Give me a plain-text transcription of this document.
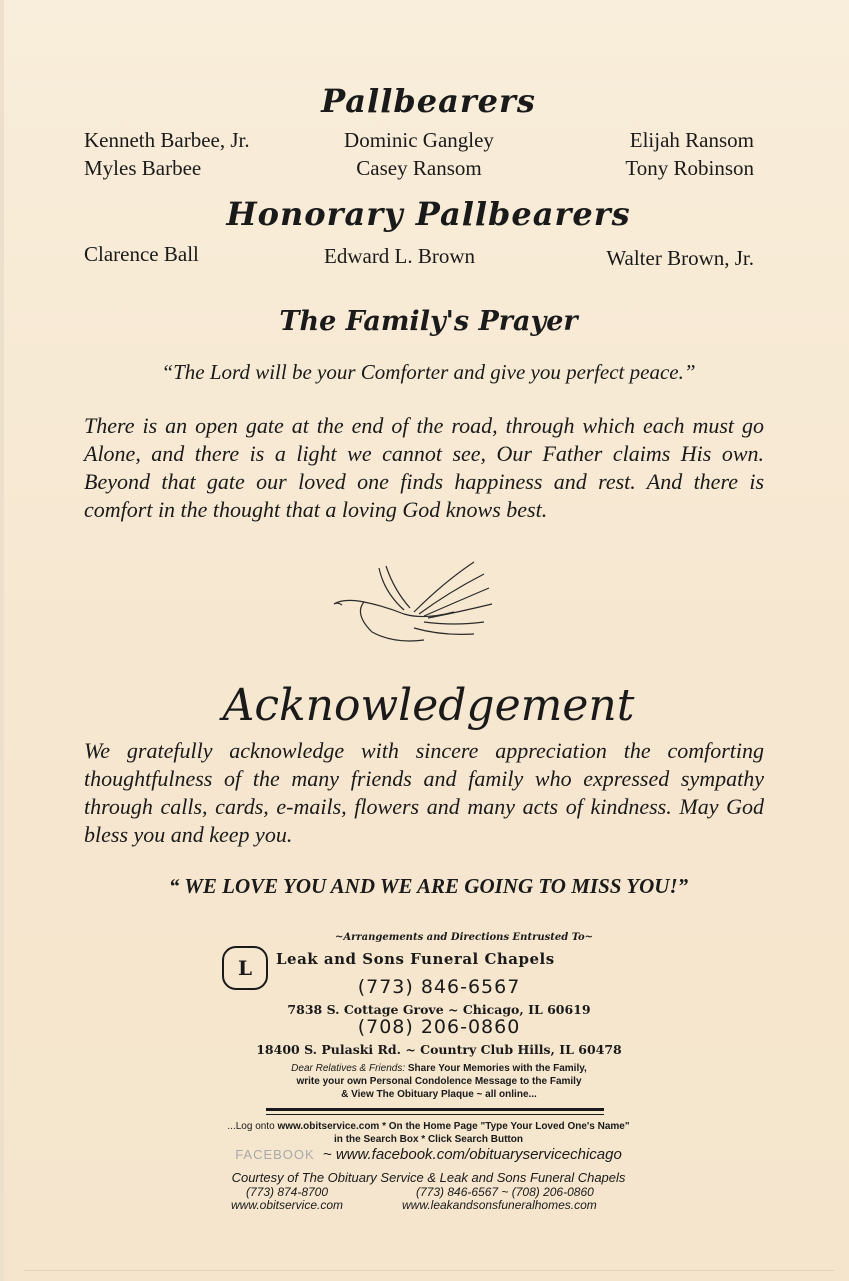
Pallbearers
Kenneth Barbee, Jr.
Myles Barbee
Dominic Gangley
Casey Ransom
Elijah Ransom
Tony Robinson
Honorary Pallbearers
Clarence Ball	Edward L. Brown	Walter Brown, Jr.
The Family's Prayer
“The Lord will be your Comforter and give you perfect peace.”
There is an open gate at the end of the road, through which each must go Alone, and there is a light we cannot see, Our Father claims His own. Beyond that gate our loved one finds happiness and rest. And there is comfort in the thought that a loving God knows best.
Acknowledgement
We gratefully acknowledge with sincere appreciation the comforting thoughtfulness of the many friends and family who expressed sympathy through calls, cards, e-mails, flowers and many acts of kindness. May God bless you and keep you.
“ WE LOVE YOU AND WE ARE GOING TO MISS YOU!”
~Arrangements and Directions Entrusted To~
L Leak and Sons Funeral Chapels
(773) 846-6567
7838 S. Cottage Grove ~ Chicago, IL 60619
(708) 206-0860
18400 S. Pulaski Rd. ~ Country Club Hills, IL 60478
Dear Relatives & Friends: Share Your Memories with the Family,
write your own Personal Condolence Message to the Family
& View The Obituary Plaque ~ all online...
...Log onto www.obitservice.com * On the Home Page "Type Your Loved One's Name"
in the Search Box * Click Search Button
FACEBOOK ~ www.facebook.com/obituaryservicechicago
Courtesy of The Obituary Service & Leak and Sons Funeral Chapels
(773) 874-8700
www.obitservice.com
(773) 846-6567 ~ (708) 206-0860
www.leakandsonsfuneralhomes.com
